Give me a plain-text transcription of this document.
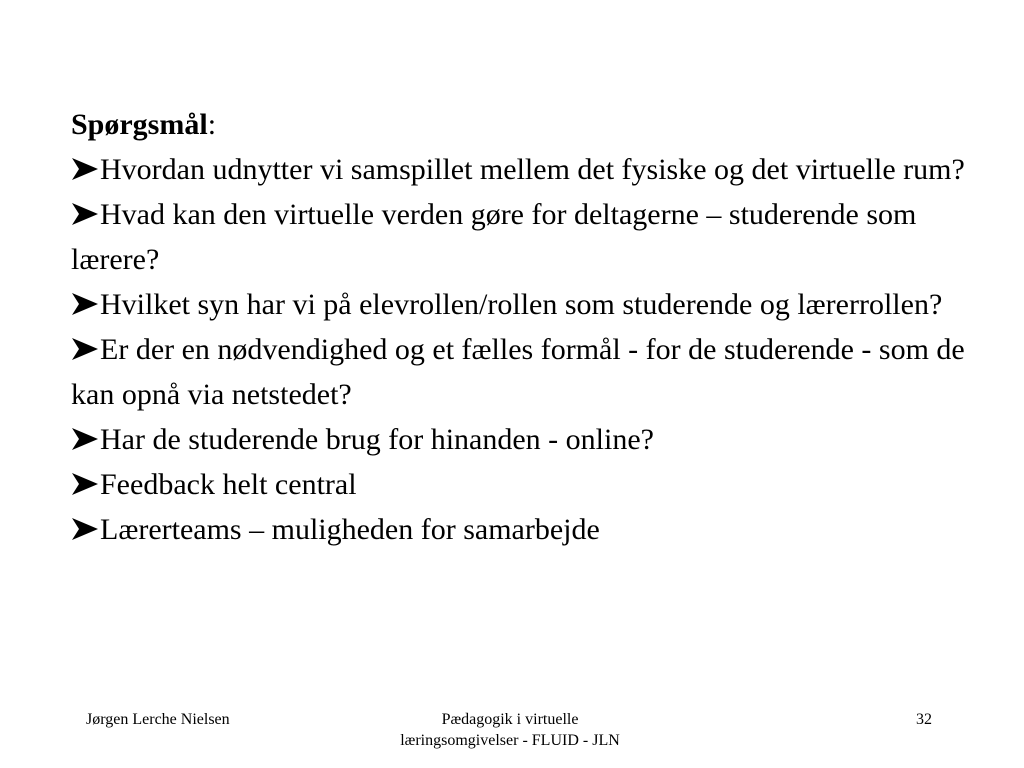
Spørgsmål:

Hvordan udnytter vi samspillet mellem det fysiske og det virtuelle rum?
Hvad kan den virtuelle verden gøre for deltagerne – studerende som lærere?
Hvilket syn har vi på elevrollen/rollen som studerende og lærerrollen?
Er der en nødvendighed og et fælles formål - for de studerende - som de kan opnå via netstedet?
Har de studerende brug for hinanden - online?
Feedback helt central
Lærerteams – muligheden for samarbejde
Jørgen Lerche Nielsen	Pædagogik i virtuelle
læringsomgivelser - FLUID - JLN
32
